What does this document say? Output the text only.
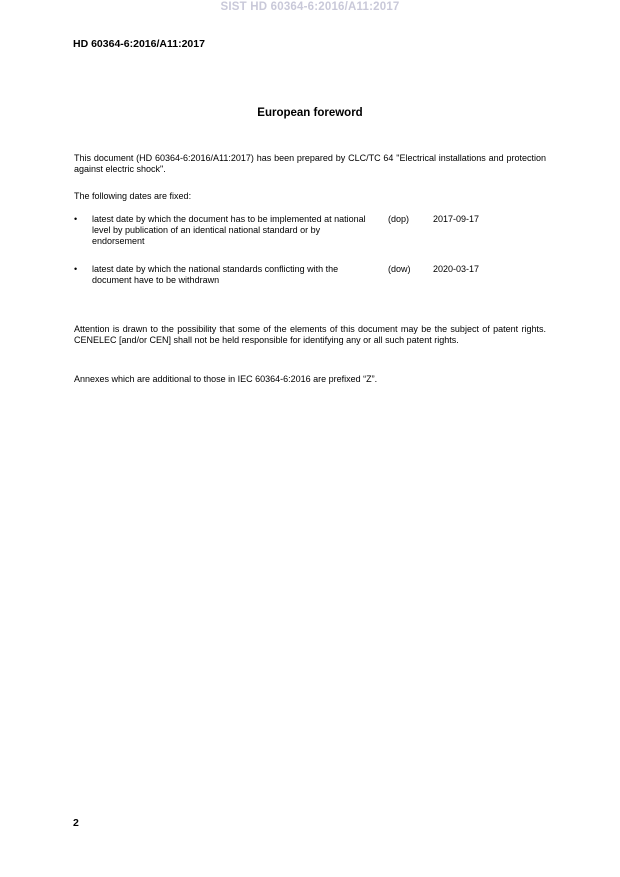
SIST HD 60364-6:2016/A11:2017
HD 60364-6:2016/A11:2017
European foreword
This document (HD 60364-6:2016/A11:2017) has been prepared by CLC/TC 64 "Electrical installations and protection against electric shock".
The following dates are fixed:
• latest date by which the document has to be implemented at national level by publication of an identical national standard or by endorsement
(dop)	2017-09-17
• latest date by which the national standards conflicting with the document have to be withdrawn
(dow)	2020-03-17
Attention is drawn to the possibility that some of the elements of this document may be the subject of patent rights. CENELEC [and/or CEN] shall not be held responsible for identifying any or all such patent rights.
Annexes which are additional to those in IEC 60364-6:2016 are prefixed “Z”.
2
